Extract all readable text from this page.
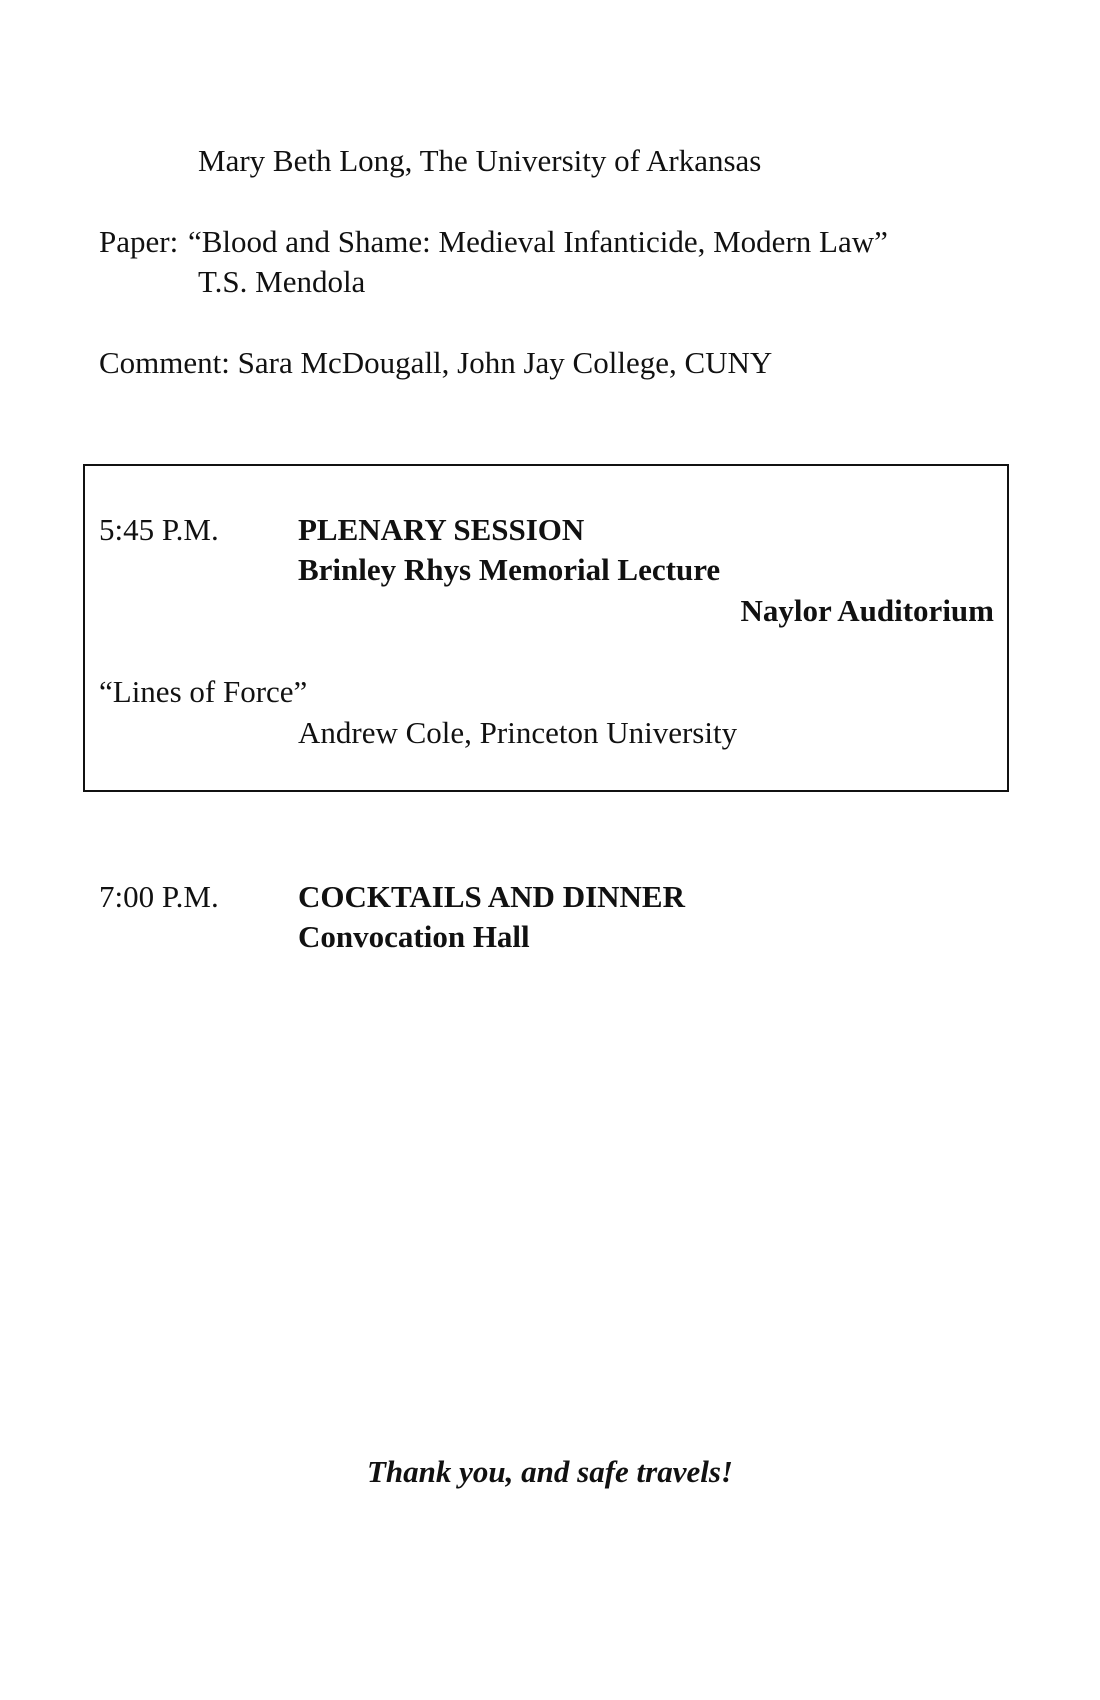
Mary Beth Long, The University of Arkansas
Paper: “Blood and Shame: Medieval Infanticide, Modern Law”
T.S. Mendola
Comment: Sara McDougall, John Jay College, CUNY
5:45 P.M.	PLENARY SESSION
Brinley Rhys Memorial Lecture
Naylor Auditorium
“Lines of Force”
Andrew Cole, Princeton University
7:00 P.M.	COCKTAILS AND DINNER
Convocation Hall
Thank you, and safe travels!
